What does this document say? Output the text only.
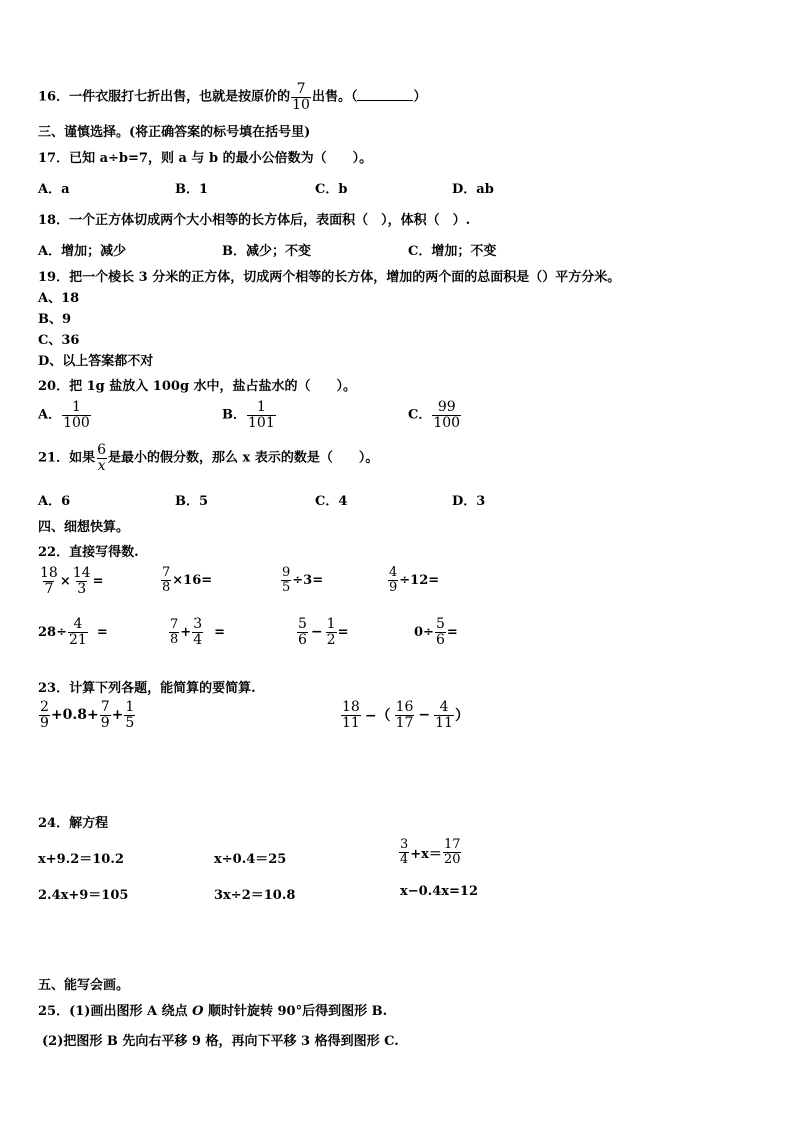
16．一件衣服打七折出售，也就是按原价的 $\frac{7}{10}$ 出售。（	）
三、谨慎选择。(将正确答案的标号填在括号里)
17．已知 a÷b=7，则 a 与 b 的最小公倍数为（　　）。
A．a	B．1	C．b	D．ab
18．一个正方体切成两个大小相等的长方体后，表面积（　），体积（　）.
A．增加；减少	B．减少；不变	C．增加；不变
19．把一个棱长 3 分米的正方体，切成两个相等的长方体，增加的两个面的总面积是（）平方分米。
A、18
B、9
C、36
D、以上答案都不对
20．把 1g 盐放入 100g 水中，盐占盐水的（　　）。
A． $\frac{1}{100}$	B． $\frac{1}{101}$	C． $\frac{99}{100}$
21．如果 $\frac{6}{x}$ 是最小的假分数，那么 x 表示的数是（　　）。
A．6	B．5	C．4	D．3
四、细想快算。
22．直接写得数.
$\frac{18}{7} \times \frac{14}{3}$ =	$\frac{7}{8} \times 16=$	$\frac{9}{5} \div 3=$	$\frac{4}{9} \div 12=$
$28\div \frac{4}{21}$ =	$\frac{7}{8} + \frac{3}{4}$ =	$\frac{5}{6} - \frac{1}{2}$ =	$0\div \frac{5}{6}$ =
23．计算下列各题，能简算的要简算.
$\frac{2}{9} +0.8+ \frac{7}{9} + \frac{1}{5}$	$\frac{18}{11}$ −（ $\frac{16}{17} - \frac{4}{11}$ ）
24．解方程
x+9.2＝10.2	x÷0.4＝25	$\frac{3}{4} +x= \frac{17}{20}$
2.4x+9＝105	3x÷2＝10.8	x−0.4x=12
五、能写会画。
25．(1)画出图形 A 绕点 O 顺时针旋转 90°后得到图形 B.
(2)把图形 B 先向右平移 9 格，再向下平移 3 格得到图形 C.
